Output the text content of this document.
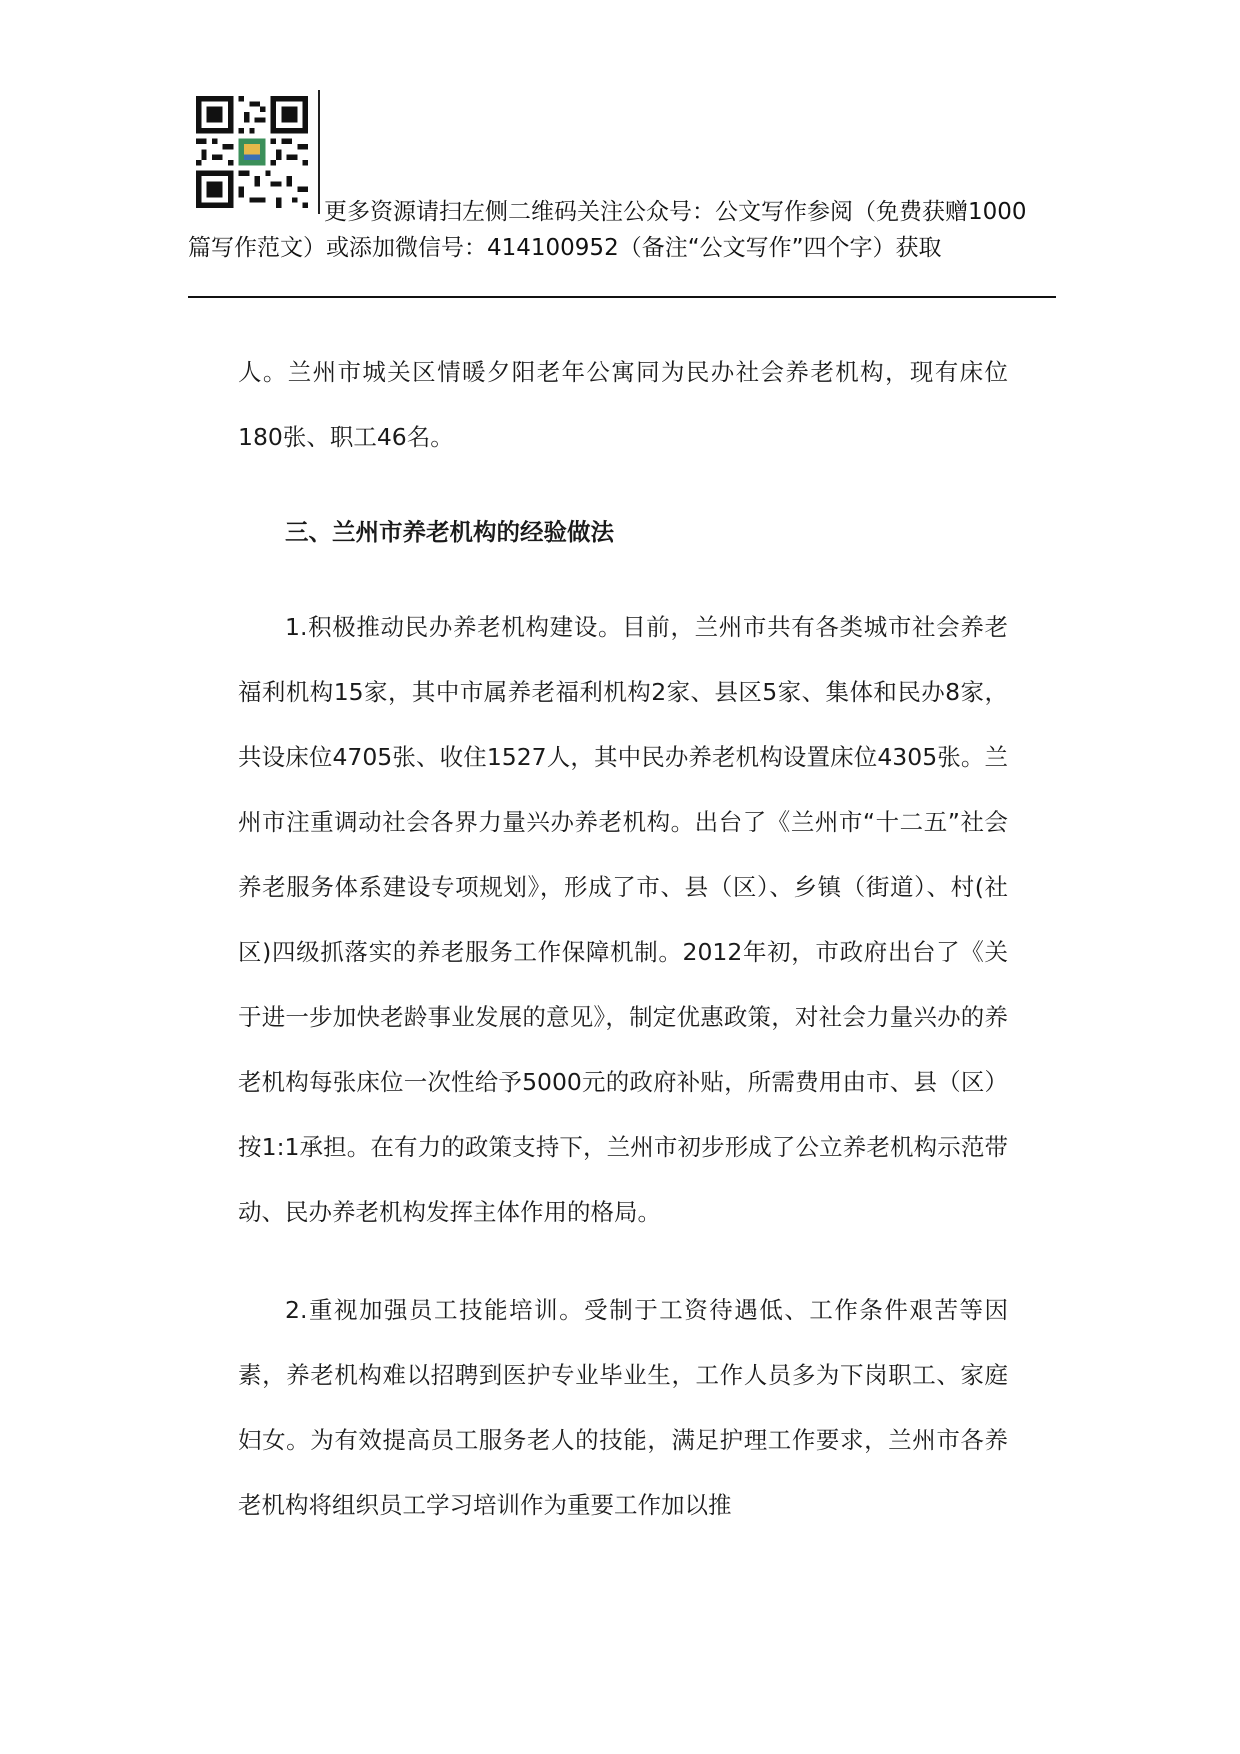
更多资源请扫左侧二维码关注公众号：公文写作参阅（免费获赠1000篇写作范文）或添加微信号：414100952（备注“公文写作”四个字）获取

人。兰州市城关区情暖夕阳老年公寓同为民办社会养老机构，现有床位180张、职工46名。

三、兰州市养老机构的经验做法

1.积极推动民办养老机构建设。目前，兰州市共有各类城市社会养老福利机构15家，其中市属养老福利机构2家、县区5家、集体和民办8家，共设床位4705张、收住1527人，其中民办养老机构设置床位4305张。兰州市注重调动社会各界力量兴办养老机构。出台了《兰州市“十二五”社会养老服务体系建设专项规划》，形成了市、县（区）、乡镇（街道）、村(社区)四级抓落实的养老服务工作保障机制。2012年初，市政府出台了《关于进一步加快老龄事业发展的意见》，制定优惠政策，对社会力量兴办的养老机构每张床位一次性给予5000元的政府补贴，所需费用由市、县（区）按1:1承担。在有力的政策支持下，兰州市初步形成了公立养老机构示范带动、民办养老机构发挥主体作用的格局。

2.重视加强员工技能培训。受制于工资待遇低、工作条件艰苦等因素，养老机构难以招聘到医护专业毕业生，工作人员多为下岗职工、家庭妇女。为有效提高员工服务老人的技能，满足护理工作要求，兰州市各养老机构将组织员工学习培训作为重要工作加以推
